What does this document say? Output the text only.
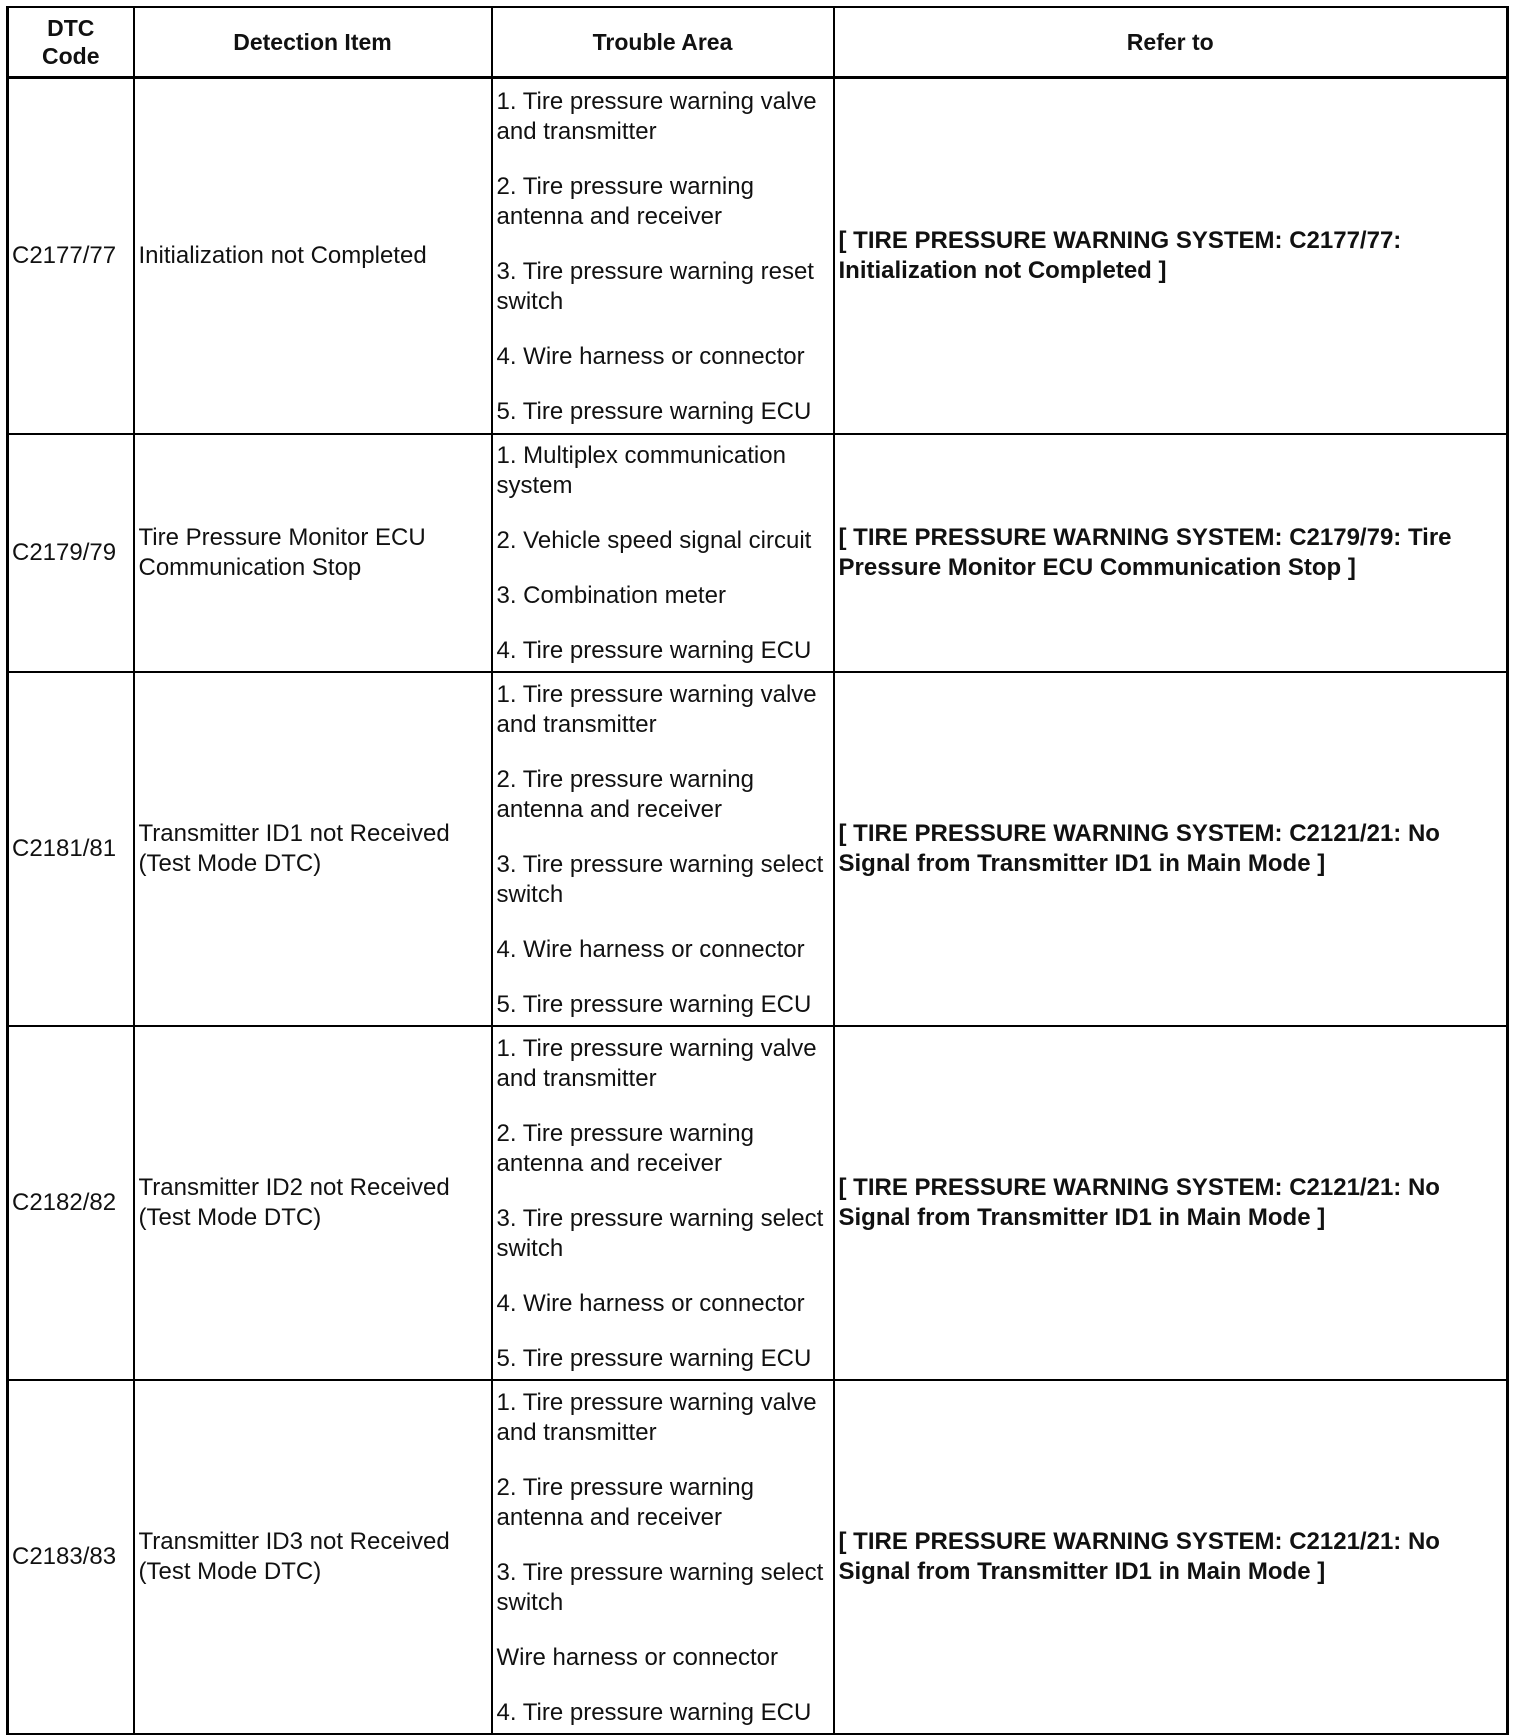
DTC
Code	Detection Item	Trouble Area	Refer to
C2177/77	Initialization not Completed	1. Tire pressure warning valve and transmitter
2. Tire pressure warning antenna and receiver
3. Tire pressure warning reset switch
4. Wire harness or connector
5. Tire pressure warning ECU	[ TIRE PRESSURE WARNING SYSTEM: C2177/77: Initialization not Completed ]
C2179/79	Tire Pressure Monitor ECU Communication Stop	1. Multiplex communication system
2. Vehicle speed signal circuit
3. Combination meter
4. Tire pressure warning ECU	[ TIRE PRESSURE WARNING SYSTEM: C2179/79: Tire Pressure Monitor ECU Communication Stop ]
C2181/81	Transmitter ID1 not Received (Test Mode DTC)	1. Tire pressure warning valve and transmitter
2. Tire pressure warning antenna and receiver
3. Tire pressure warning select switch
4. Wire harness or connector
5. Tire pressure warning ECU	[ TIRE PRESSURE WARNING SYSTEM: C2121/21: No Signal from Transmitter ID1 in Main Mode ]
C2182/82	Transmitter ID2 not Received (Test Mode DTC)	1. Tire pressure warning valve and transmitter
2. Tire pressure warning antenna and receiver
3. Tire pressure warning select switch
4. Wire harness or connector
5. Tire pressure warning ECU	[ TIRE PRESSURE WARNING SYSTEM: C2121/21: No Signal from Transmitter ID1 in Main Mode ]
C2183/83	Transmitter ID3 not Received (Test Mode DTC)	1. Tire pressure warning valve and transmitter
2. Tire pressure warning antenna and receiver
3. Tire pressure warning select switch
Wire harness or connector
4. Tire pressure warning ECU	[ TIRE PRESSURE WARNING SYSTEM: C2121/21: No Signal from Transmitter ID1 in Main Mode ]
